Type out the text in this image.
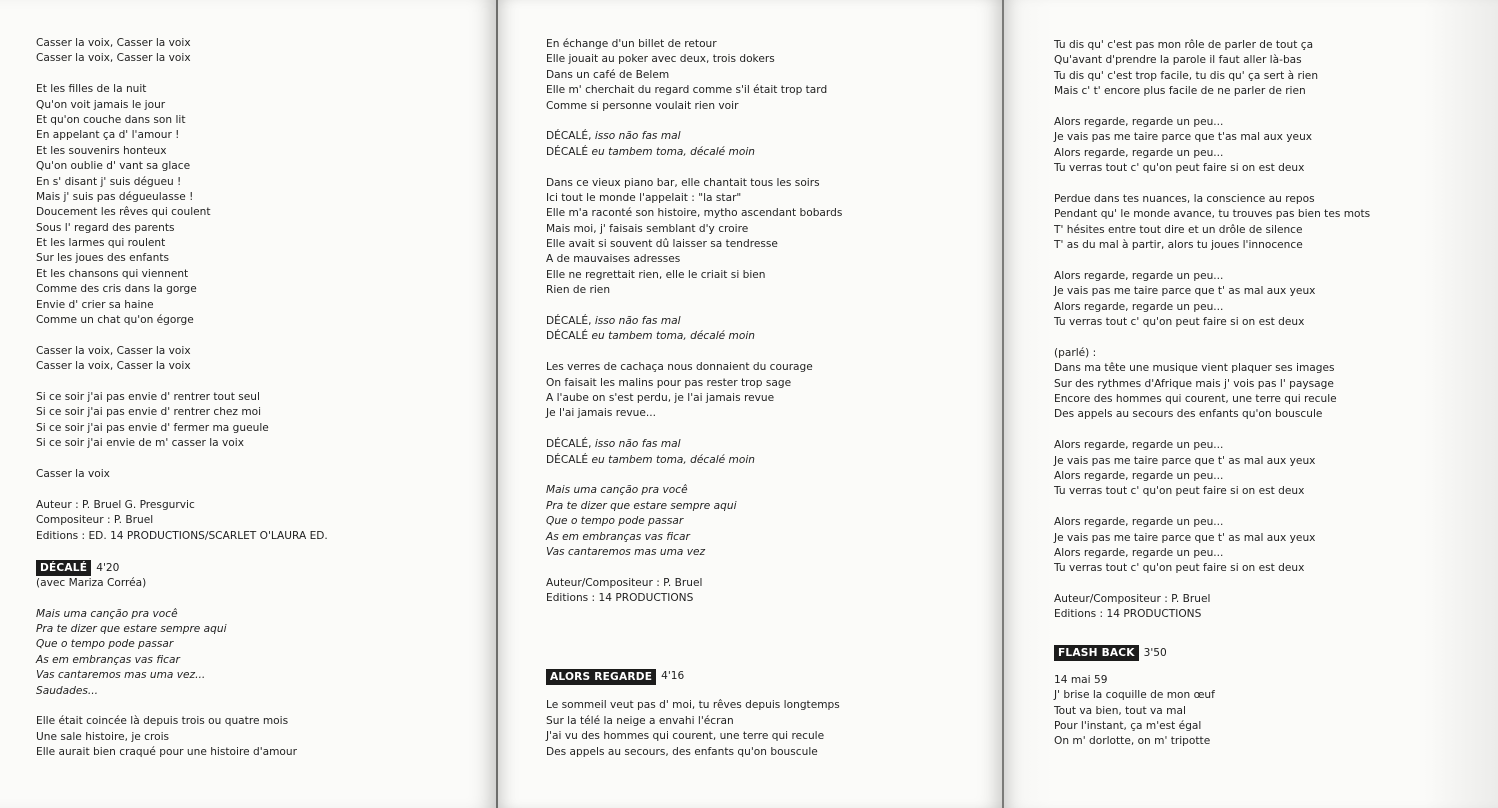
Casser la voix, Casser la voix
Casser la voix, Casser la voix
Et les filles de la nuit
Qu'on voit jamais le jour
Et qu'on couche dans son lit
En appelant ça d' l'amour !
Et les souvenirs honteux
Qu'on oublie d' vant sa glace
En s' disant j' suis dégueu !
Mais j' suis pas dégueulasse !
Doucement les rêves qui coulent
Sous l' regard des parents
Et les larmes qui roulent
Sur les joues des enfants
Et les chansons qui viennent
Comme des cris dans la gorge
Envie d' crier sa haine
Comme un chat qu'on égorge
Casser la voix, Casser la voix
Casser la voix, Casser la voix
Si ce soir j'ai pas envie d' rentrer tout seul
Si ce soir j'ai pas envie d' rentrer chez moi
Si ce soir j'ai pas envie d' fermer ma gueule
Si ce soir j'ai envie de m' casser la voix
Casser la voix
Auteur : P. Bruel G. Presgurvic
Compositeur : P. Bruel
Editions : ED. 14 PRODUCTIONS/SCARLET O'LAURA ED.
DÉCALÉ 4'20
(avec Mariza Corréa)
Mais uma canção pra você
Pra te dizer que estare sempre aqui
Que o tempo pode passar
As em embranças vas ficar
Vas cantaremos mas uma vez...
Saudades...
Elle était coincée là depuis trois ou quatre mois
Une sale histoire, je crois
Elle aurait bien craqué pour une histoire d'amour
En échange d'un billet de retour
Elle jouait au poker avec deux, trois dokers
Dans un café de Belem
Elle m' cherchait du regard comme s'il était trop tard
Comme si personne voulait rien voir
DÉCALÉ, isso não fas mal
DÉCALÉ eu tambem toma, décalé moin
Dans ce vieux piano bar, elle chantait tous les soirs
Ici tout le monde l'appelait : "la star"
Elle m'a raconté son histoire, mytho ascendant bobards
Mais moi, j' faisais semblant d'y croire
Elle avait si souvent dû laisser sa tendresse
A de mauvaises adresses
Elle ne regrettait rien, elle le criait si bien
Rien de rien
DÉCALÉ, isso não fas mal
DÉCALÉ eu tambem toma, décalé moin
Les verres de cachaça nous donnaient du courage
On faisait les malins pour pas rester trop sage
A l'aube on s'est perdu, je l'ai jamais revue
Je l'ai jamais revue...
DÉCALÉ, isso não fas mal
DÉCALÉ eu tambem toma, décalé moin
Mais uma canção pra você
Pra te dizer que estare sempre aqui
Que o tempo pode passar
As em embranças vas ficar
Vas cantaremos mas uma vez
Auteur/Compositeur : P. Bruel
Editions : 14 PRODUCTIONS
ALORS REGARDE 4'16
Le sommeil veut pas d' moi, tu rêves depuis longtemps
Sur la télé la neige a envahi l'écran
J'ai vu des hommes qui courent, une terre qui recule
Des appels au secours, des enfants qu'on bouscule
Tu dis qu' c'est pas mon rôle de parler de tout ça
Qu'avant d'prendre la parole il faut aller là-bas
Tu dis qu' c'est trop facile, tu dis qu' ça sert à rien
Mais c' t' encore plus facile de ne parler de rien
Alors regarde, regarde un peu...
Je vais pas me taire parce que t'as mal aux yeux
Alors regarde, regarde un peu...
Tu verras tout c' qu'on peut faire si on est deux
Perdue dans tes nuances, la conscience au repos
Pendant qu' le monde avance, tu trouves pas bien tes mots
T' hésites entre tout dire et un drôle de silence
T' as du mal à partir, alors tu joues l'innocence
Alors regarde, regarde un peu...
Je vais pas me taire parce que t' as mal aux yeux
Alors regarde, regarde un peu...
Tu verras tout c' qu'on peut faire si on est deux
(parlé) :
Dans ma tête une musique vient plaquer ses images
Sur des rythmes d'Afrique mais j' vois pas l' paysage
Encore des hommes qui courent, une terre qui recule
Des appels au secours des enfants qu'on bouscule
Alors regarde, regarde un peu...
Je vais pas me taire parce que t' as mal aux yeux
Alors regarde, regarde un peu...
Tu verras tout c' qu'on peut faire si on est deux
Alors regarde, regarde un peu...
Je vais pas me taire parce que t' as mal aux yeux
Alors regarde, regarde un peu...
Tu verras tout c' qu'on peut faire si on est deux
Auteur/Compositeur : P. Bruel
Editions : 14 PRODUCTIONS
FLASH BACK 3'50
14 mai 59
J' brise la coquille de mon œuf
Tout va bien, tout va mal
Pour l'instant, ça m'est égal
On m' dorlotte, on m' tripotte
